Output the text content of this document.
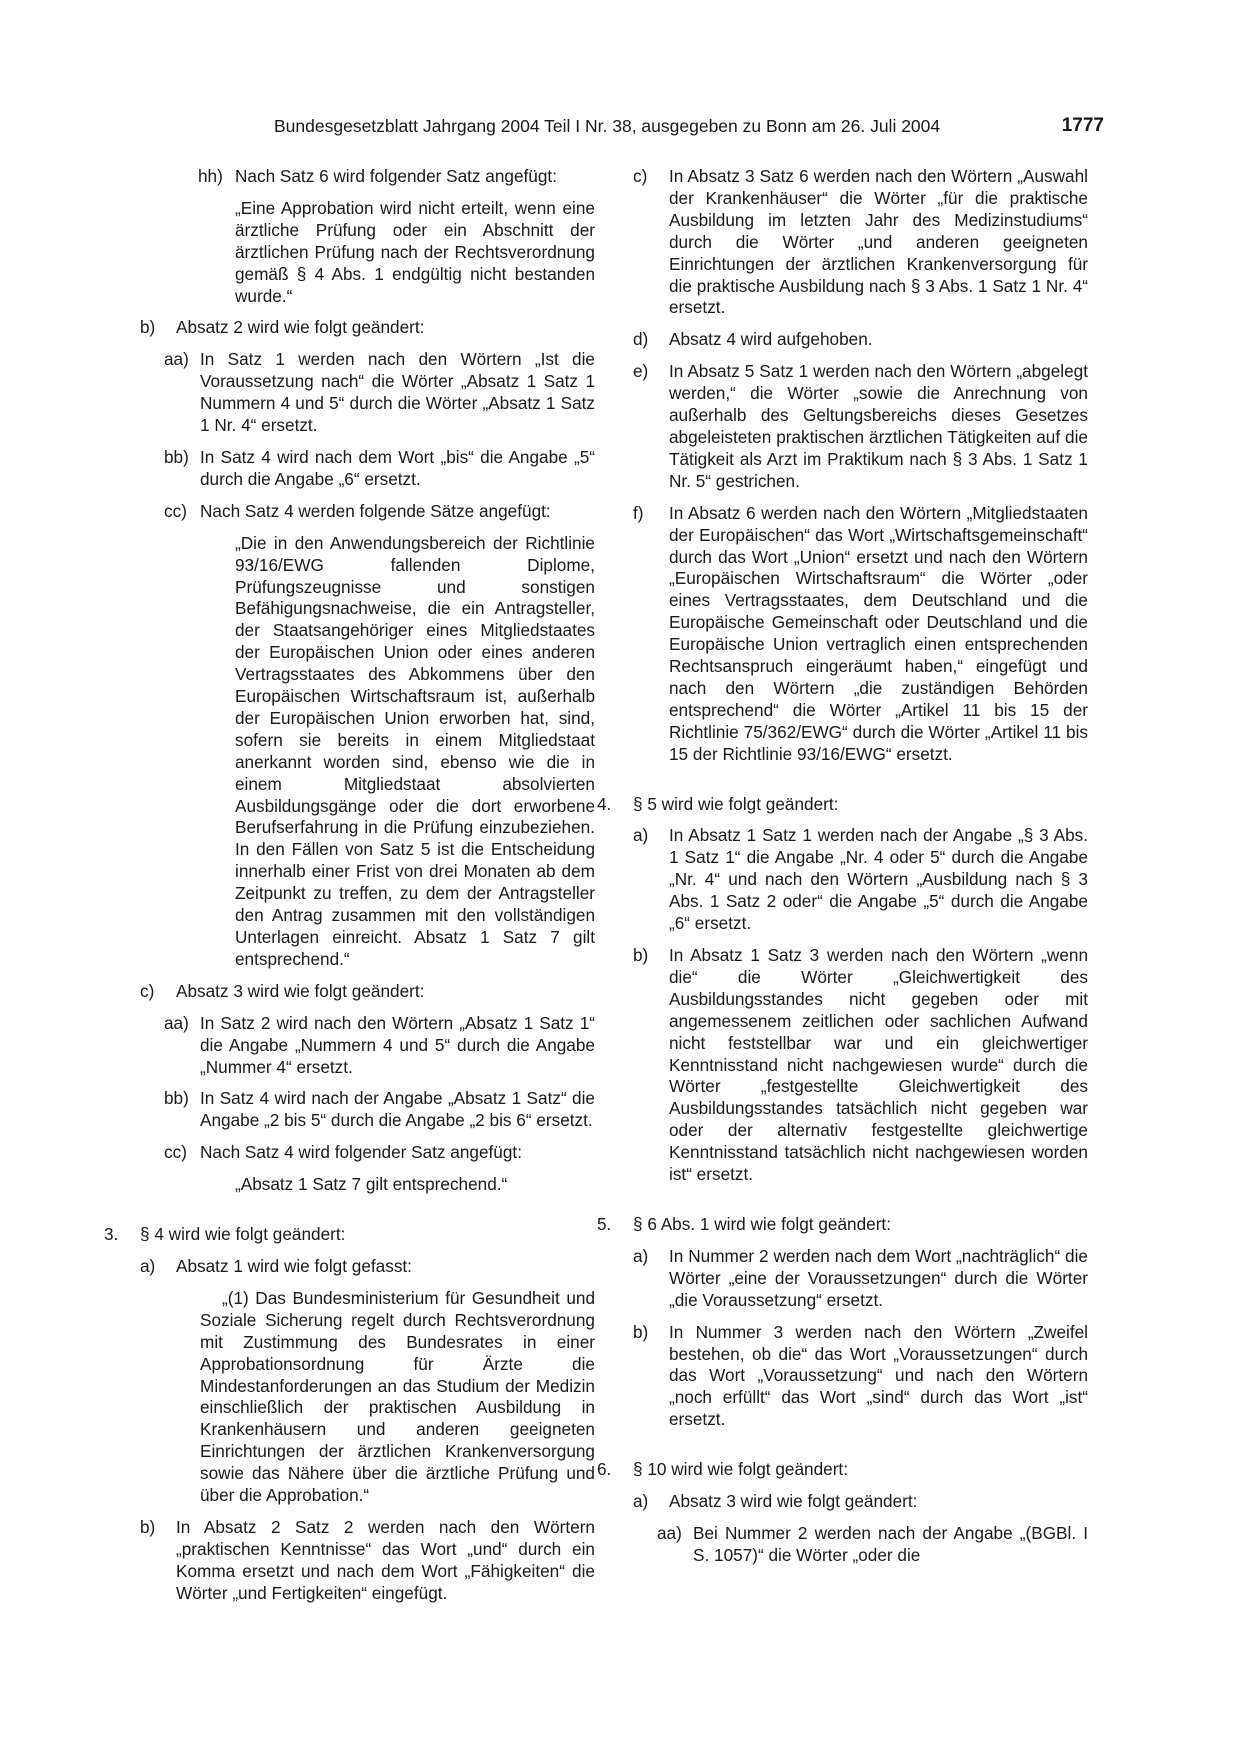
Bundesgesetzblatt Jahrgang 2004 Teil I Nr. 38, ausgegeben zu Bonn am 26. Juli 2004	1777
hh) Nach Satz 6 wird folgender Satz angefügt:
„Eine Approbation wird nicht erteilt, wenn eine ärztliche Prüfung oder ein Abschnitt der ärztlichen Prüfung nach der Rechtsverordnung gemäß § 4 Abs. 1 endgültig nicht bestanden wurde.“
b)	Absatz 2 wird wie folgt geändert:
aa) In Satz 1 werden nach den Wörtern „Ist die Voraussetzung nach“ die Wörter „Absatz 1 Satz 1 Nummern 4 und 5“ durch die Wörter „Absatz 1 Satz 1 Nr. 4“ ersetzt.
bb) In Satz 4 wird nach dem Wort „bis“ die Angabe „5“ durch die Angabe „6“ ersetzt.
cc) Nach Satz 4 werden folgende Sätze angefügt:
„Die in den Anwendungsbereich der Richtlinie 93/16/EWG fallenden Diplome, Prüfungszeugnisse und sonstigen Befähigungsnachweise, die ein Antragsteller, der Staatsangehöriger eines Mitgliedstaates der Europäischen Union oder eines anderen Vertragsstaates des Abkommens über den Europäischen Wirtschaftsraum ist, außerhalb der Europäischen Union erworben hat, sind, sofern sie bereits in einem Mitgliedstaat anerkannt worden sind, ebenso wie die in einem Mitgliedstaat absolvierten Ausbildungsgänge oder die dort erworbene Berufserfahrung in die Prüfung einzubeziehen. In den Fällen von Satz 5 ist die Entscheidung innerhalb einer Frist von drei Monaten ab dem Zeitpunkt zu treffen, zu dem der Antragsteller den Antrag zusammen mit den vollständigen Unterlagen einreicht. Absatz 1 Satz 7 gilt entsprechend.“
c)	Absatz 3 wird wie folgt geändert:
aa) In Satz 2 wird nach den Wörtern „Absatz 1 Satz 1“ die Angabe „Nummern 4 und 5“ durch die Angabe „Nummer 4“ ersetzt.
bb) In Satz 4 wird nach der Angabe „Absatz 1 Satz“ die Angabe „2 bis 5“ durch die Angabe „2 bis 6“ ersetzt.
cc) Nach Satz 4 wird folgender Satz angefügt:
„Absatz 1 Satz 7 gilt entsprechend.“
3.	§ 4 wird wie folgt geändert:
a)	Absatz 1 wird wie folgt gefasst:
„(1) Das Bundesministerium für Gesundheit und Soziale Sicherung regelt durch Rechtsverordnung mit Zustimmung des Bundesrates in einer Approbationsordnung für Ärzte die Mindestanforderungen an das Studium der Medizin einschließlich der praktischen Ausbildung in Krankenhäusern und anderen geeigneten Einrichtungen der ärztlichen Krankenversorgung sowie das Nähere über die ärztliche Prüfung und über die Approbation.“
b)	In Absatz 2 Satz 2 werden nach den Wörtern „praktischen Kenntnisse“ das Wort „und“ durch ein Komma ersetzt und nach dem Wort „Fähigkeiten“ die Wörter „und Fertigkeiten“ eingefügt.
c)	In Absatz 3 Satz 6 werden nach den Wörtern „Auswahl der Krankenhäuser“ die Wörter „für die praktische Ausbildung im letzten Jahr des Medizinstudiums“ durch die Wörter „und anderen geeigneten Einrichtungen der ärztlichen Krankenversorgung für die praktische Ausbildung nach § 3 Abs. 1 Satz 1 Nr. 4“ ersetzt.
d)	Absatz 4 wird aufgehoben.
e)	In Absatz 5 Satz 1 werden nach den Wörtern „abgelegt werden,“ die Wörter „sowie die Anrechnung von außerhalb des Geltungsbereichs dieses Gesetzes abgeleisteten praktischen ärztlichen Tätigkeiten auf die Tätigkeit als Arzt im Praktikum nach § 3 Abs. 1 Satz 1 Nr. 5“ gestrichen.
f)	In Absatz 6 werden nach den Wörtern „Mitgliedstaaten der Europäischen“ das Wort „Wirtschaftsgemeinschaft“ durch das Wort „Union“ ersetzt und nach den Wörtern „Europäischen Wirtschaftsraum“ die Wörter „oder eines Vertragsstaates, dem Deutschland und die Europäische Gemeinschaft oder Deutschland und die Europäische Union vertraglich einen entsprechenden Rechtsanspruch eingeräumt haben,“ eingefügt und nach den Wörtern „die zuständigen Behörden entsprechend“ die Wörter „Artikel 11 bis 15 der Richtlinie 75/362/EWG“ durch die Wörter „Artikel 11 bis 15 der Richtlinie 93/16/EWG“ ersetzt.
4.	§ 5 wird wie folgt geändert:
a)	In Absatz 1 Satz 1 werden nach der Angabe „§ 3 Abs. 1 Satz 1“ die Angabe „Nr. 4 oder 5“ durch die Angabe „Nr. 4“ und nach den Wörtern „Ausbildung nach § 3 Abs. 1 Satz 2 oder“ die Angabe „5“ durch die Angabe „6“ ersetzt.
b)	In Absatz 1 Satz 3 werden nach den Wörtern „wenn die“ die Wörter „Gleichwertigkeit des Ausbildungsstandes nicht gegeben oder mit angemessenem zeitlichen oder sachlichen Aufwand nicht feststellbar war und ein gleichwertiger Kenntnisstand nicht nachgewiesen wurde“ durch die Wörter „festgestellte Gleichwertigkeit des Ausbildungsstandes tatsächlich nicht gegeben war oder der alternativ festgestellte gleichwertige Kenntnisstand tatsächlich nicht nachgewiesen worden ist“ ersetzt.
5.	§ 6 Abs. 1 wird wie folgt geändert:
a)	In Nummer 2 werden nach dem Wort „nachträglich“ die Wörter „eine der Voraussetzungen“ durch die Wörter „die Voraussetzung“ ersetzt.
b)	In Nummer 3 werden nach den Wörtern „Zweifel bestehen, ob die“ das Wort „Voraussetzungen“ durch das Wort „Voraussetzung“ und nach den Wörtern „noch erfüllt“ das Wort „sind“ durch das Wort „ist“ ersetzt.
6.	§ 10 wird wie folgt geändert:
a)	Absatz 3 wird wie folgt geändert:
aa) Bei Nummer 2 werden nach der Angabe „(BGBl. I S. 1057)“ die Wörter „oder die
